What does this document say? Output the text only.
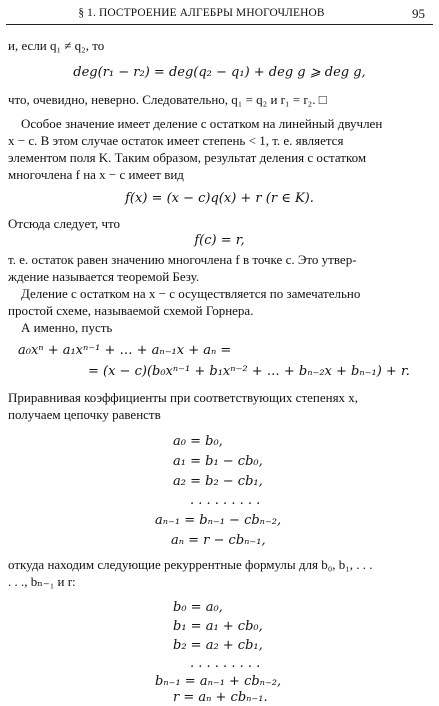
§ 1. ПОСТРОЕНИЕ АЛГЕБРЫ МНОГОЧЛЕНОВ	95
и, если q₁ ≠ q₂, то
deg(r₁ − r₂) = deg(q₂ − q₁) + deg g ⩾ deg g,
что, очевидно, неверно. Следовательно, q₁ = q₂ и r₁ = r₂. □
Особое значение имеет деление с остатком на линейный двучлен
x − c. В этом случае остаток имеет степень < 1, т. е. является
элементом поля K. Таким образом, результат деления с остатком
многочлена f на x − c имеет вид
f(x) = (x − c)q(x) + r (r ∈ K).
Отсюда следует, что
f(c) = r,
т. е. остаток равен значению многочлена f в точке c. Это утвер-
ждение называется теоремой Безу.
Деление с остатком на x − c осуществляется по замечательно
простой схеме, называемой схемой Горнера.
А именно, пусть
a₀xⁿ + a₁xⁿ⁻¹ + … + aₙ₋₁x + aₙ =
= (x − c)(b₀xⁿ⁻¹ + b₁xⁿ⁻² + … + bₙ₋₂x + bₙ₋₁) + r.
Приравнивая коэффициенты при соответствующих степенях x,
получаем цепочку равенств
a₀ = b₀,
a₁ = b₁ − cb₀,
a₂ = b₂ − cb₁,
. . . . . . . . .
aₙ₋₁ = bₙ₋₁ − cbₙ₋₂,
aₙ = r − cbₙ₋₁,
откуда находим следующие рекуррентные формулы для b₀, b₁, . . .
. . ., bₙ₋₁ и r:
b₀ = a₀,
b₁ = a₁ + cb₀,
b₂ = a₂ + cb₁,
. . . . . . . . .
bₙ₋₁ = aₙ₋₁ + cbₙ₋₂,
r = aₙ + cbₙ₋₁.
